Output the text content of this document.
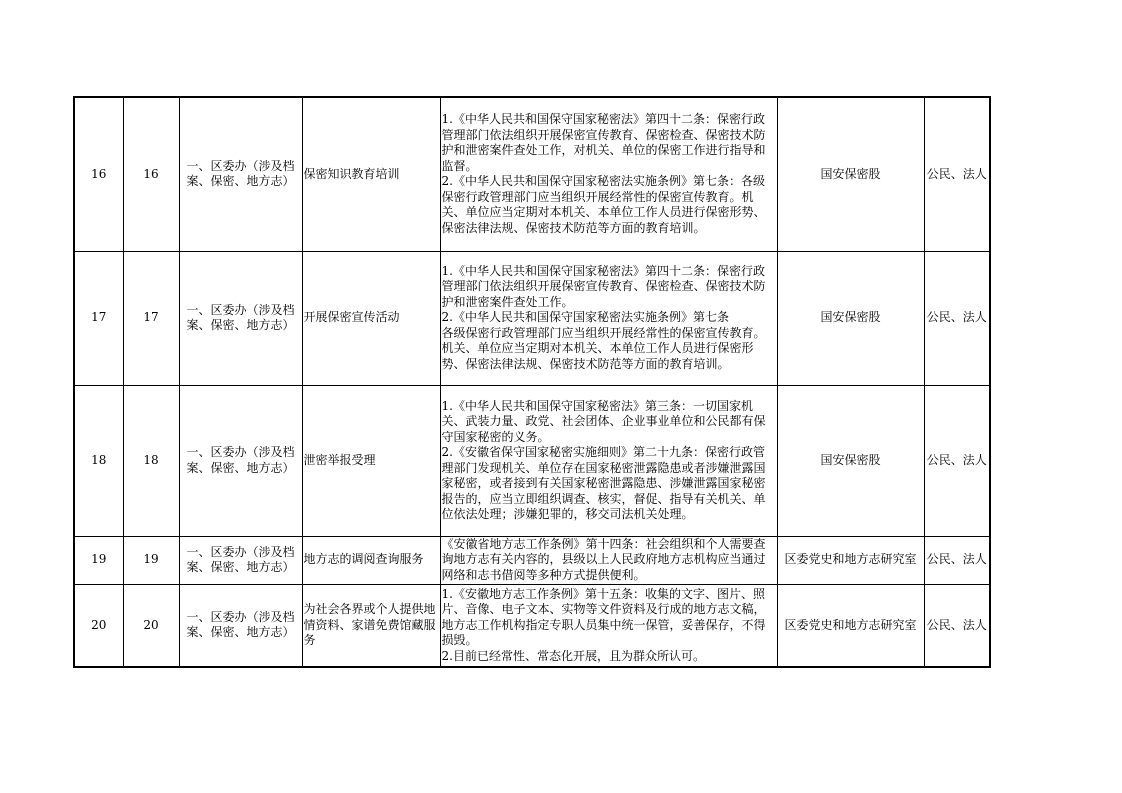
16	16	一、区委办（涉及档案、保密、地方志）	保密知识教育培训	1.《中华人民共和国保守国家秘密法》第四十二条：保密行政管理部门依法组织开展保密宣传教育、保密检查、保密技术防护和泄密案件查处工作，对机关、单位的保密工作进行指导和监督。
2.《中华人民共和国保守国家秘密法实施条例》第七条：各级保密行政管理部门应当组织开展经常性的保密宣传教育。机关、单位应当定期对本机关、本单位工作人员进行保密形势、保密法律法规、保密技术防范等方面的教育培训。	国安保密股	公民、法人
17	17	一、区委办（涉及档案、保密、地方志）	开展保密宣传活动	1.《中华人民共和国保守国家秘密法》第四十二条：保密行政管理部门依法组织开展保密宣传教育、保密检查、保密技术防护和泄密案件查处工作。
2.《中华人民共和国保守国家秘密法实施条例》第七条
各级保密行政管理部门应当组织开展经常性的保密宣传教育。机关、单位应当定期对本机关、本单位工作人员进行保密形势、保密法律法规、保密技术防范等方面的教育培训。	国安保密股	公民、法人
18	18	一、区委办（涉及档案、保密、地方志）	泄密举报受理	1.《中华人民共和国保守国家秘密法》第三条：一切国家机关、武装力量、政党、社会团体、企业事业单位和公民都有保守国家秘密的义务。
2.《安徽省保守国家秘密实施细则》第二十九条：保密行政管理部门发现机关、单位存在国家秘密泄露隐患或者涉嫌泄露国家秘密，或者接到有关国家秘密泄露隐患、涉嫌泄露国家秘密报告的，应当立即组织调查、核实，督促、指导有关机关、单位依法处理；涉嫌犯罪的，移交司法机关处理。	国安保密股	公民、法人
19	19	一、区委办（涉及档案、保密、地方志）	地方志的调阅查询服务	《安徽省地方志工作条例》第十四条：社会组织和个人需要查询地方志有关内容的，县级以上人民政府地方志机构应当通过网络和志书借阅等多种方式提供便利。	区委党史和地方志研究室	公民、法人
20	20	一、区委办（涉及档案、保密、地方志）	为社会各界或个人提供地情资料、家谱免费馆藏服务	1.《安徽地方志工作条例》第十五条：收集的文字、图片、照片、音像、电子文本、实物等文件资料及行成的地方志文稿，地方志工作机构指定专职人员集中统一保管，妥善保存，不得损毁。
2.目前已经常性、常态化开展，且为群众所认可。	区委党史和地方志研究室	公民、法人
